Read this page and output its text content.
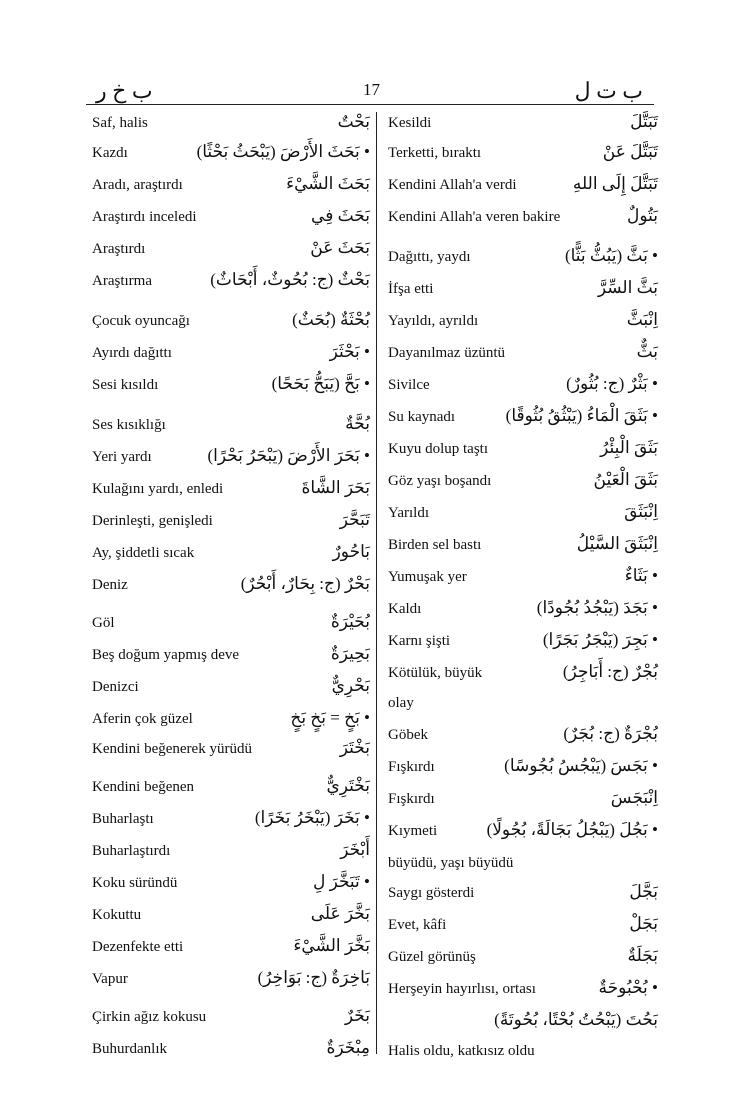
ب خ ر	17	ب ت ل
Saf, halis	بَحْتٌ
Kazdı	• بَحَثَ الأَرْضَ (يَبْحَثُ بَحْثًا)
Aradı, araştırdı	بَحَثَ الشَّيْءَ
Araştırdı inceledi	بَحَثَ فِي
Araştırdı	بَحَثَ عَنْ
Araştırma	بَحْثٌ (ج: بُحُوثٌ، أَبْحَاثٌ)
Çocuk oyuncağı	بُحْثَةٌ (بُحَثٌ)
Ayırdı dağıttı	• بَحْثَرَ
Sesi kısıldı	• بَحَّ (يَبَحُّ بَحَحًا)
Ses kısıklığı	بُحَّةٌ
Yeri yardı	• بَحَرَ الأَرْضَ (يَبْحَرُ بَحْرًا)
Kulağını yardı, enledi	بَحَرَ الشَّاةَ
Derinleşti, genişledi	تَبَحَّرَ
Ay, şiddetli sıcak	بَاحُورٌ
Deniz	بَحْرٌ (ج: بِحَارٌ، أَبْحُرٌ)
Göl	بُحَيْرَةٌ
Beş doğum yapmış deve	بَحِيرَةٌ
Denizci	بَحْرِيٌّ
Aferin çok güzel	• بَخٍ = بَخٍ بَخٍ
Kendini beğenerek yürüdü	بَخْتَرَ
Kendini beğenen	بَخْتَرِيٌّ
Buharlaştı	• بَخَرَ (يَبْخَرُ بَخَرًا)
Buharlaştırdı	أَبْخَرَ
Koku süründü	• تَبَخَّرَ لِ
Kokuttu	بَخَّرَ عَلَى
Dezenfekte etti	بَخَّرَ الشَّيْءَ
Vapur	بَاخِرَةٌ (ج: بَوَاخِرُ)
Çirkin ağız kokusu	بَخَرٌ
Buhurdanlık	مِبْخَرَةٌ
Kesildi	تَبَتَّلَ
Terketti, bıraktı	تَبَتَّلَ عَنْ
Kendini Allah'a verdi	تَبَتَّلَ إِلَى اللهِ
Kendini Allah'a veren bakire	بَتُولٌ
Dağıttı, yaydı	• بَثَّ (يَبُثُّ بَثًّا)
İfşa etti	بَثَّ السِّرَّ
Yayıldı, ayrıldı	اِنْبَثَّ
Dayanılmaz üzüntü	بَثٌّ
Sivilce	• بَثْرٌ (ج: بُثُورٌ)
Su kaynadı	• بَثَقَ الْمَاءُ (يَبْثُقُ بُثُوقًا)
Kuyu dolup taştı	بَثَقَ الْبِئْرُ
Göz yaşı boşandı	بَثَقَ الْعَيْنُ
Yarıldı	اِنْبَثَقَ
Birden sel bastı	اِنْبَثَقَ السَّيْلُ
Yumuşak yer	• بَثَاءٌ
Kaldı	• بَجَدَ (يَبْجُدُ بُجُودًا)
Karnı şişti	• بَجِرَ (يَبْجَرُ بَجَرًا)
Kötülük, büyük	بُجْرٌ (ج: أَبَاجِرُ)
olay
Göbek	بُجْرَةٌ (ج: بُجَرٌ)
Fışkırdı	• بَجَسَ (يَبْجُسُ بُجُوسًا)
Fışkırdı	اِنْبَجَسَ
Kıymeti	• بَجُلَ (يَبْجُلُ بَجَالَةً، بُجُولًا)
büyüdü, yaşı büyüdü
Saygı gösterdi	بَجَّلَ
Evet, kâfi	بَجَلْ
Güzel görünüş	بَجَلَةٌ
Herşeyin hayırlısı, ortası	• بُحْبُوحَةٌ
بَحُتَ (يَبْحُتُ بُحْتًا، بُحُوتَةً)
Halis oldu, katkısız oldu
